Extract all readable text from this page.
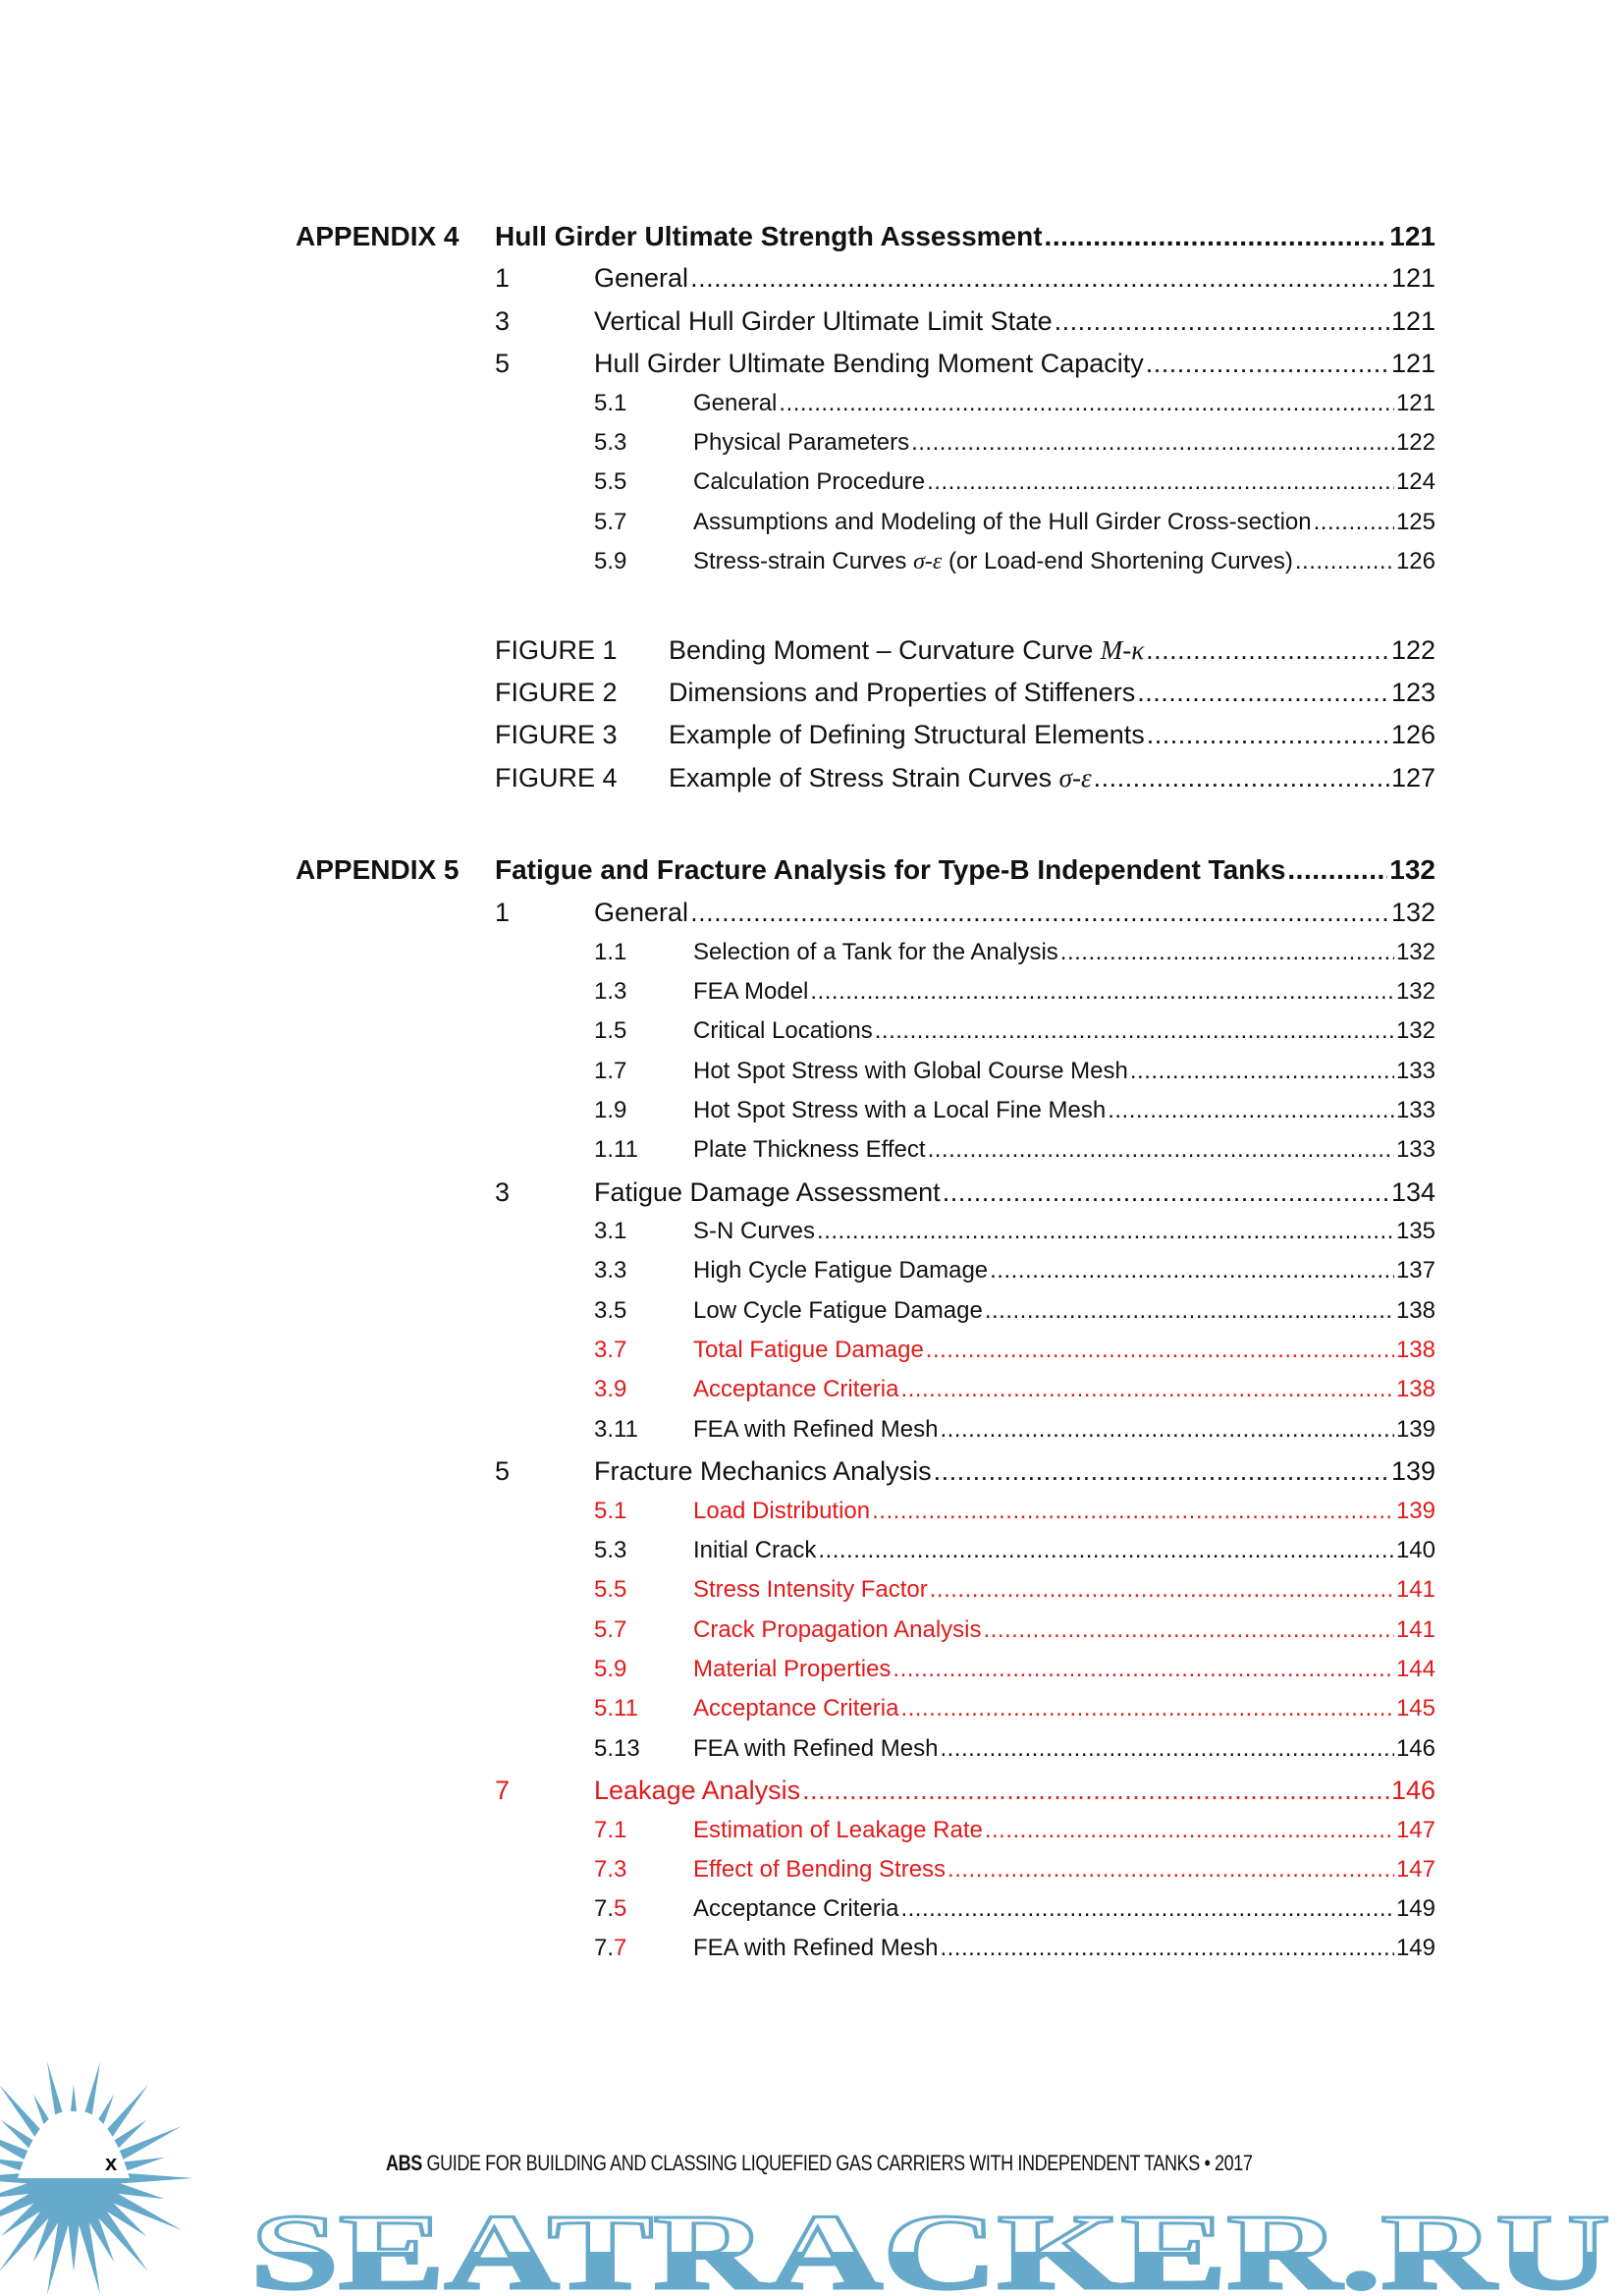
APPENDIX 4 Hull Girder Ultimate Strength Assessment .....	121
1	General .....	121
3	Vertical Hull Girder Ultimate Limit State .....	121
5	Hull Girder Ultimate Bending Moment Capacity .....	121
5.1	General .....	121
5.3	Physical Parameters .....	122
5.5	Calculation Procedure .....	124
5.7	Assumptions and Modeling of the Hull Girder Cross-section .....	125
5.9	Stress-strain Curves σ-ε (or Load-end Shortening Curves) .....	126
FIGURE 1 Bending Moment – Curvature Curve M-κ .....	122
FIGURE 2 Dimensions and Properties of Stiffeners .....	123
FIGURE 3 Example of Defining Structural Elements .....	126
FIGURE 4 Example of Stress Strain Curves σ-ε .....	127
APPENDIX 5 Fatigue and Fracture Analysis for Type-B Independent Tanks .....	132
1	General .....	132
1.1	Selection of a Tank for the Analysis .....	132
1.3	FEA Model .....	132
1.5	Critical Locations .....	132
1.7	Hot Spot Stress with Global Course Mesh .....	133
1.9	Hot Spot Stress with a Local Fine Mesh .....	133
1.11 Plate Thickness Effect .....	133
3	Fatigue Damage Assessment .....	134
3.1	S-N Curves .....	135
3.3	High Cycle Fatigue Damage .....	137
3.5	Low Cycle Fatigue Damage .....	138
3.7	Total Fatigue Damage .....	138
3.9	Acceptance Criteria .....	138
3.11 FEA with Refined Mesh .....	139
5	Fracture Mechanics Analysis .....	139
5.1	Load Distribution .....	139
5.3	Initial Crack .....	140
5.5	Stress Intensity Factor .....	141
5.7	Crack Propagation Analysis .....	141
5.9	Material Properties .....	144
5.11 Acceptance Criteria .....	145
5.13 FEA with Refined Mesh .....	146
7	Leakage Analysis .....	146
7.1	Estimation of Leakage Rate .....	147
7.3	Effect of Bending Stress .....	147
7.5	Acceptance Criteria .....	149
7.7	FEA with Refined Mesh .....	149
SEATRACKER.RU
x	ABS GUIDE FOR BUILDING AND CLASSING LIQUEFIED GAS CARRIERS WITH INDEPENDENT TANKS • 2017
